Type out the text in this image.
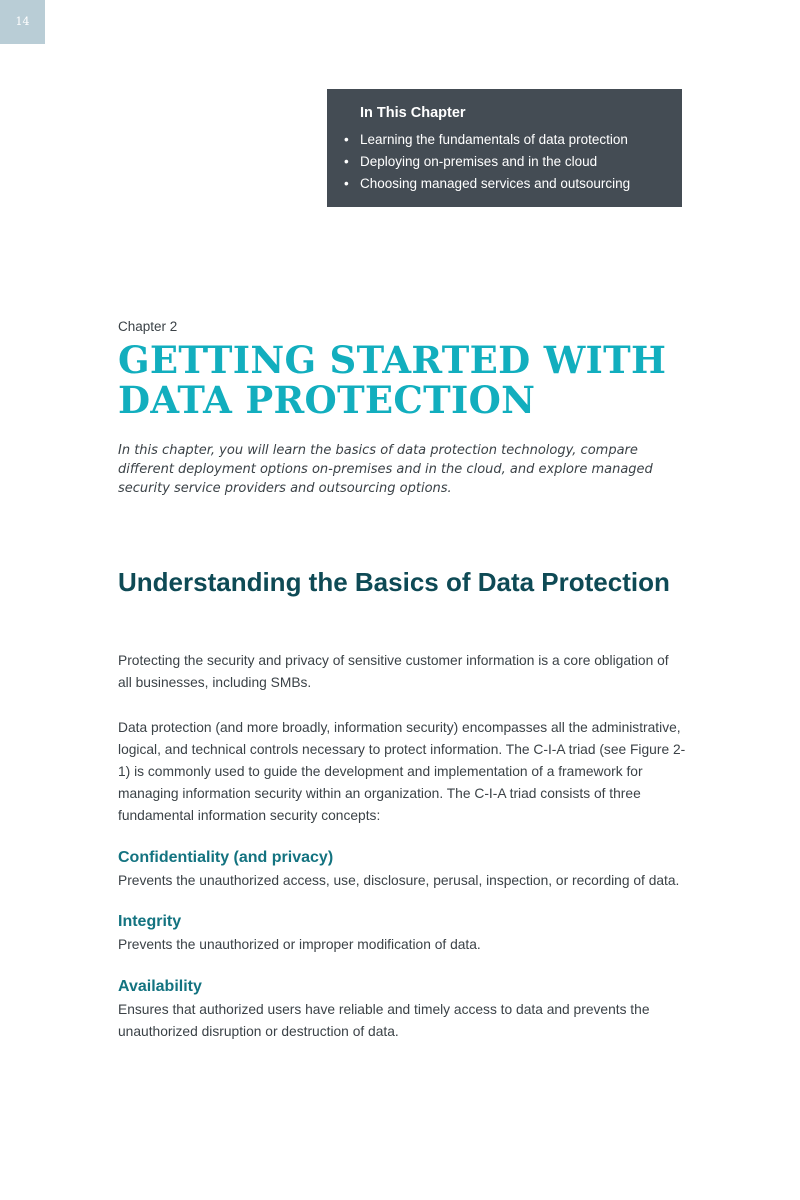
14
In This Chapter
• Learning the fundamentals of data protection
• Deploying on-premises and in the cloud
• Choosing managed services and outsourcing
Chapter 2
GETTING STARTED WITH DATA PROTECTION

In this chapter, you will learn the basics of data protection technology, compare different deployment options on-premises and in the cloud, and explore managed security service providers and outsourcing options.

Understanding the Basics of Data Protection

Protecting the security and privacy of sensitive customer information is a core obligation of all businesses, including SMBs.

Data protection (and more broadly, information security) encompasses all the administrative, logical, and technical controls necessary to protect information. The C-I-A triad (see Figure 2-1) is commonly used to guide the development and implementation of a framework for managing information security within an organization. The C-I-A triad consists of three fundamental information security concepts:

Confidentiality (and privacy)

Prevents the unauthorized access, use, disclosure, perusal, inspection, or recording of data.

Integrity

Prevents the unauthorized or improper modification of data.

Availability

Ensures that authorized users have reliable and timely access to data and prevents the unauthorized disruption or destruction of data.
